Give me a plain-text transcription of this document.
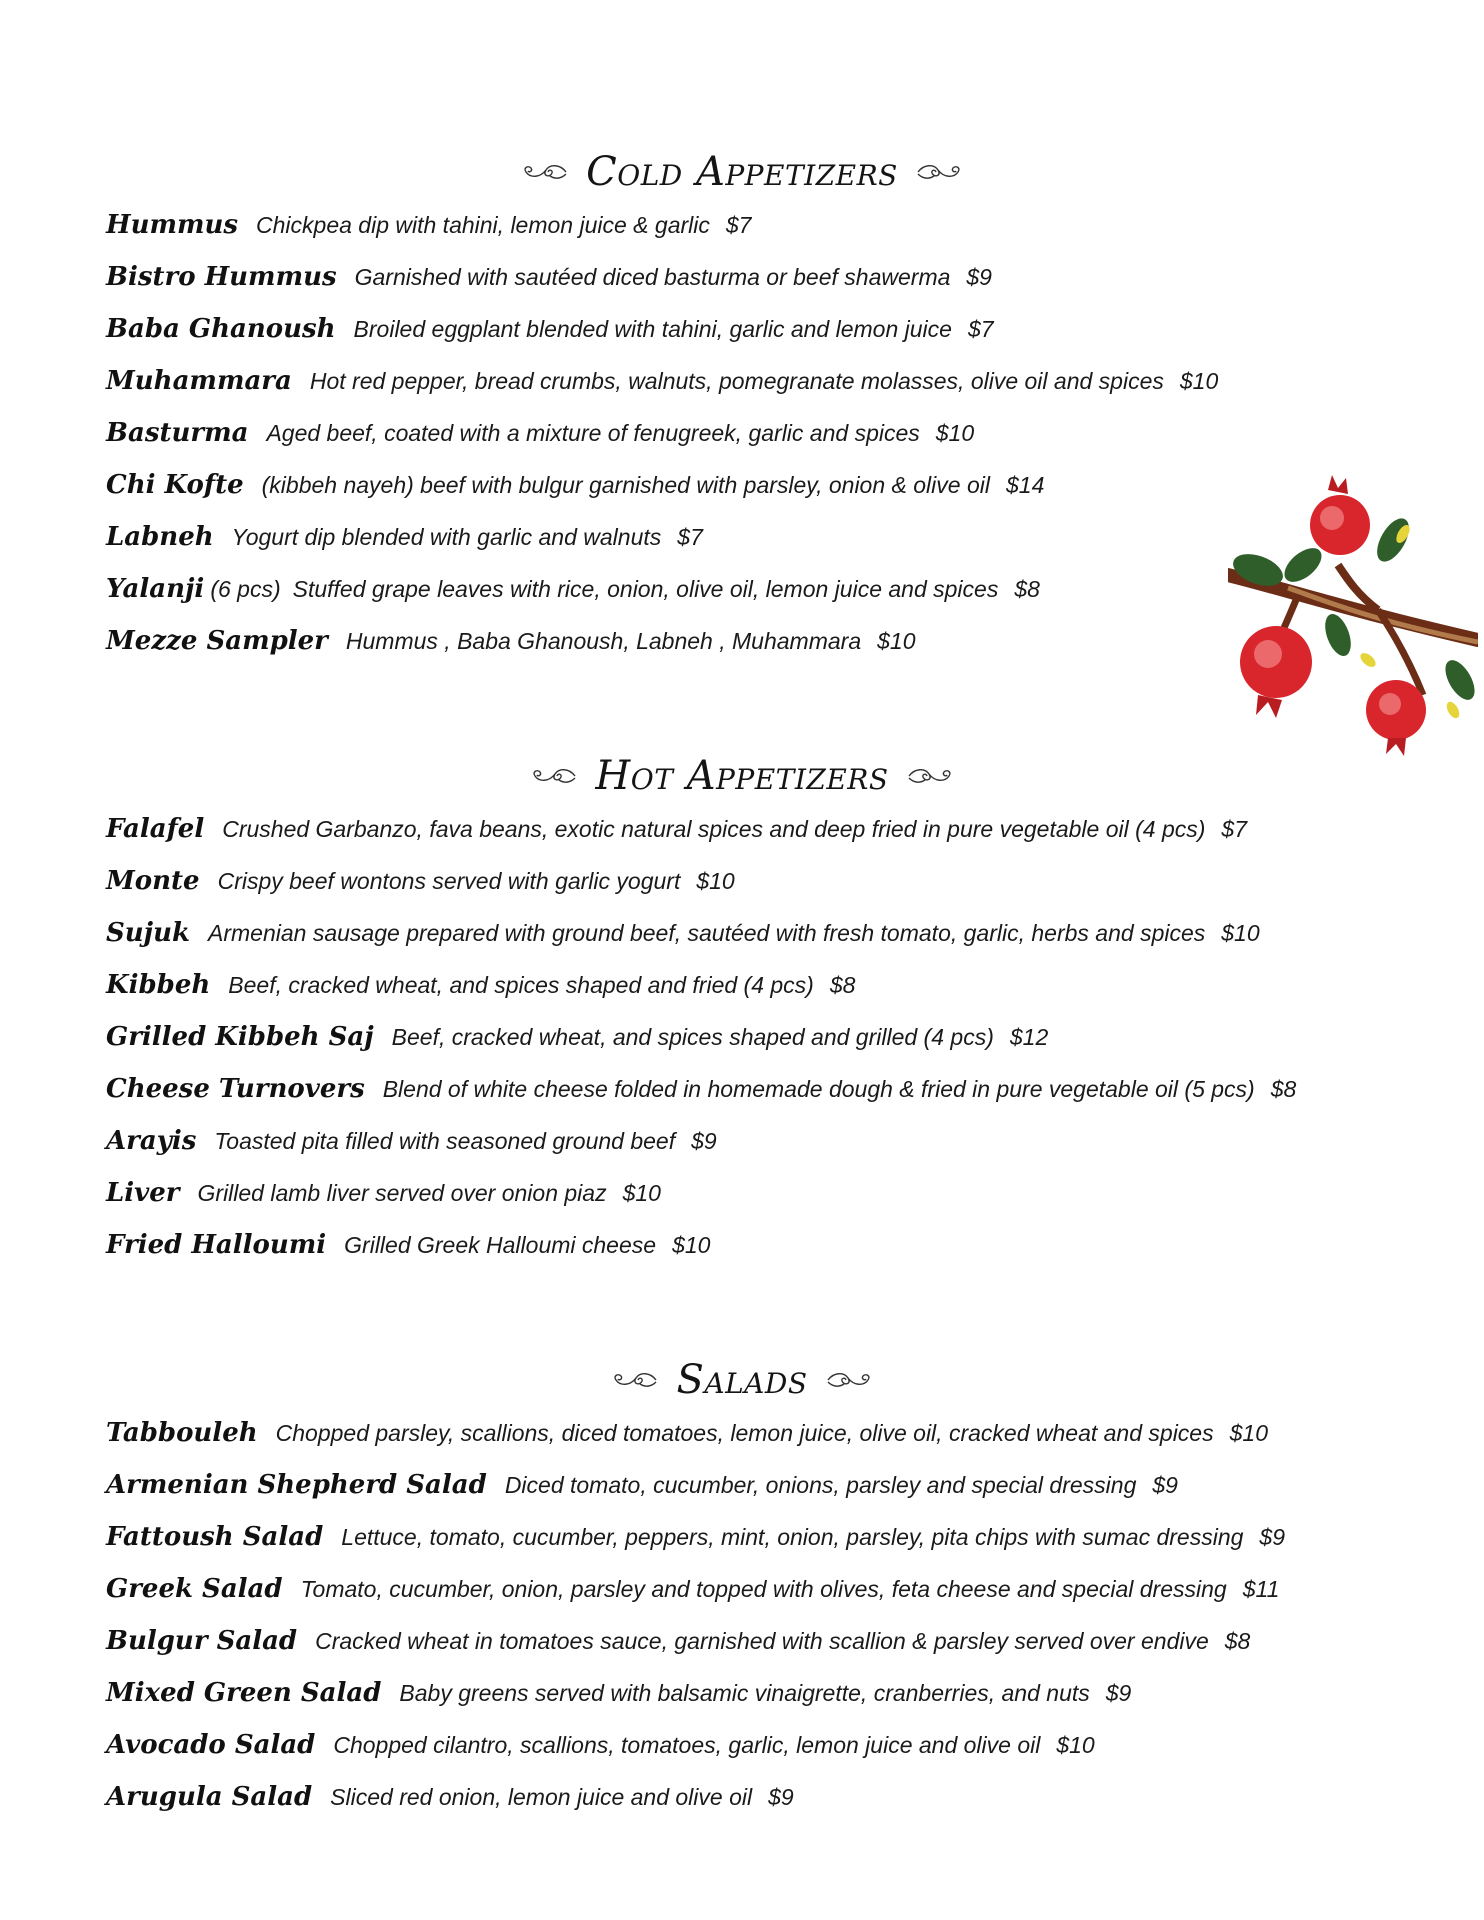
Cold Appetizers
Hummus Chickpea dip with tahini, lemon juice & garlic $7
Bistro Hummus Garnished with sautéed diced basturma or beef shawerma $9
Baba Ghanoush Broiled eggplant blended with tahini, garlic and lemon juice $7
Muhammara Hot red pepper, bread crumbs, walnuts, pomegranate molasses, olive oil and spices $10
Basturma Aged beef, coated with a mixture of fenugreek, garlic and spices $10
Chi Kofte (kibbeh nayeh) beef with bulgur garnished with parsley, onion & olive oil $14
Labneh Yogurt dip blended with garlic and walnuts $7
Yalanji (6 pcs) Stuffed grape leaves with rice, onion, olive oil, lemon juice and spices $8
Mezze Sampler Hummus , Baba Ghanoush, Labneh , Muhammara $10
Hot Appetizers
Falafel Crushed Garbanzo, fava beans, exotic natural spices and deep fried in pure vegetable oil (4 pcs) $7
Monte Crispy beef wontons served with garlic yogurt $10
Sujuk Armenian sausage prepared with ground beef, sautéed with fresh tomato, garlic, herbs and spices $10
Kibbeh Beef, cracked wheat, and spices shaped and fried (4 pcs) $8
Grilled Kibbeh Saj Beef, cracked wheat, and spices shaped and grilled (4 pcs) $12
Cheese Turnovers Blend of white cheese folded in homemade dough & fried in pure vegetable oil (5 pcs) $8
Arayis Toasted pita filled with seasoned ground beef $9
Liver Grilled lamb liver served over onion piaz $10
Fried Halloumi Grilled Greek Halloumi cheese $10
Salads
Tabbouleh Chopped parsley, scallions, diced tomatoes, lemon juice, olive oil, cracked wheat and spices $10
Armenian Shepherd Salad Diced tomato, cucumber, onions, parsley and special dressing $9
Fattoush Salad Lettuce, tomato, cucumber, peppers, mint, onion, parsley, pita chips with sumac dressing $9
Greek Salad Tomato, cucumber, onion, parsley and topped with olives, feta cheese and special dressing $11
Bulgur Salad Cracked wheat in tomatoes sauce, garnished with scallion & parsley served over endive $8
Mixed Green Salad Baby greens served with balsamic vinaigrette, cranberries, and nuts $9
Avocado Salad Chopped cilantro, scallions, tomatoes, garlic, lemon juice and olive oil $10
Arugula Salad Sliced red onion, lemon juice and olive oil $9
